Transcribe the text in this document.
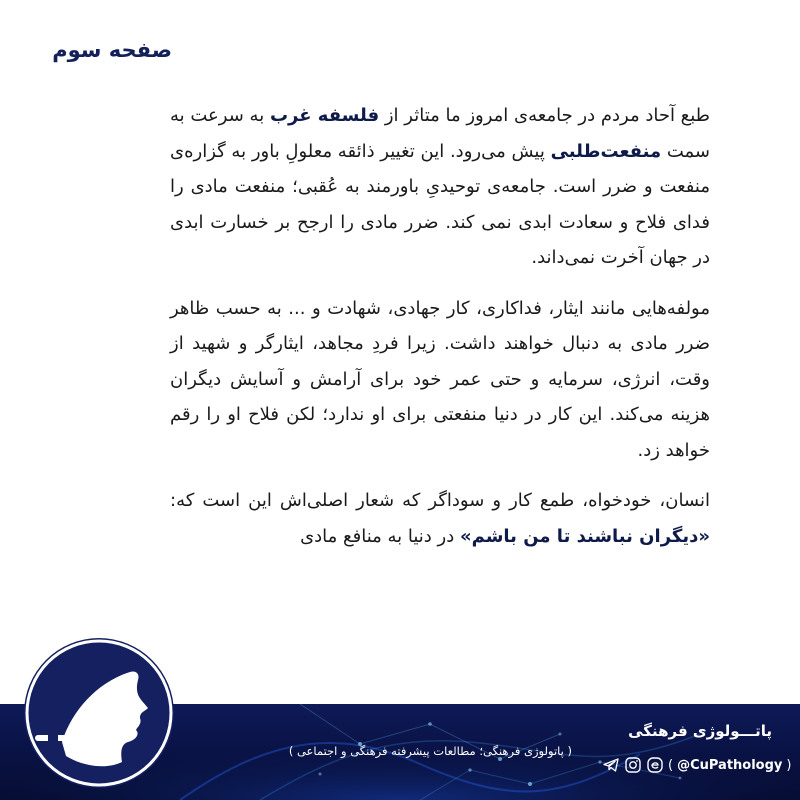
صفحه سوم

طبع آحاد مردم در جامعه‌ی امروز ما متاثر از فلسفه غرب به سرعت به سمت منفعت‌طلبی پیش می‌رود. این تغییر ذائقه معلولِ باور به گزاره‌ی منفعت و ضرر است. جامعه‌ی توحیدیِ باورمند به عُقبی؛ منفعت مادی را فدای فلاح و سعادت ابدی نمی کند. ضرر مادی را ارجح بر خسارت ابدی در جهان آخرت نمی‌داند.

مولفه‌هایی مانند ایثار، فداکاری، کار جهادی، شهادت و ... به حسب ظاهر ضرر مادی به دنبال خواهند داشت. زیرا فردِ مجاهد، ایثارگر و شهید از وقت، انرژی، سرمایه و حتی عمر خود برای آرامش و آسایش دیگران هزینه می‌کند. این کار در دنیا منفعتی برای او ندارد؛ لکن فلاح او را رقم خواهد زد.

انسان، خودخواه، طمع کار و سوداگر که شعار اصلی‌اش این است که: «دیگران نباشند تا من باشم» در دنیا به منافع مادی

پاتـــولوژی فرهنگی
( پاتولوژی فرهنگی؛ مطالعات پیشرفته فرهنگی و اجتماعی )
( @CuPathology )
